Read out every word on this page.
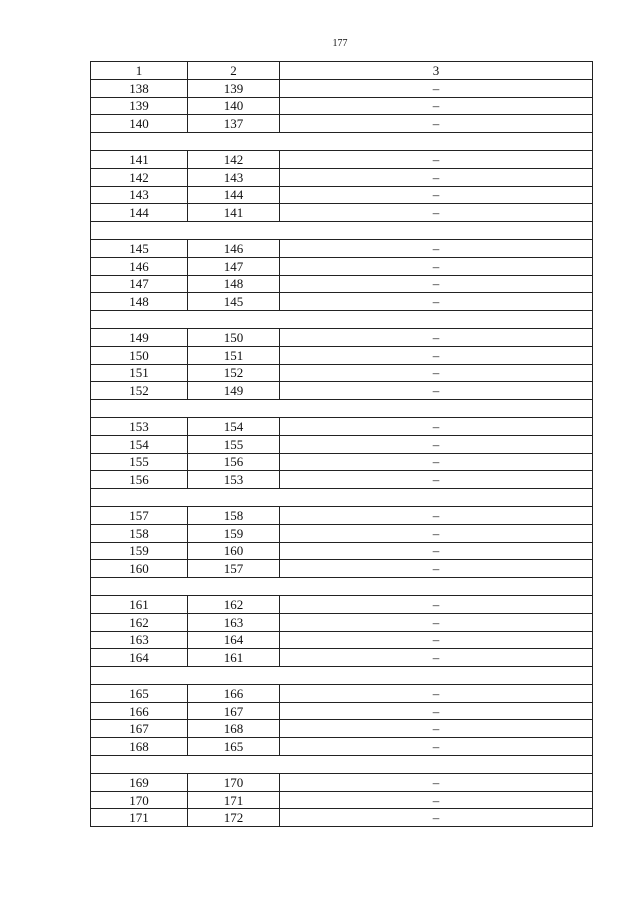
177
1	2	3
138	139	–
139	140	–
140	137	–

141	142	–
142	143	–
143	144	–
144	141	–

145	146	–
146	147	–
147	148	–
148	145	–

149	150	–
150	151	–
151	152	–
152	149	–

153	154	–
154	155	–
155	156	–
156	153	–

157	158	–
158	159	–
159	160	–
160	157	–

161	162	–
162	163	–
163	164	–
164	161	–

165	166	–
166	167	–
167	168	–
168	165	–

169	170	–
170	171	–
171	172	–
